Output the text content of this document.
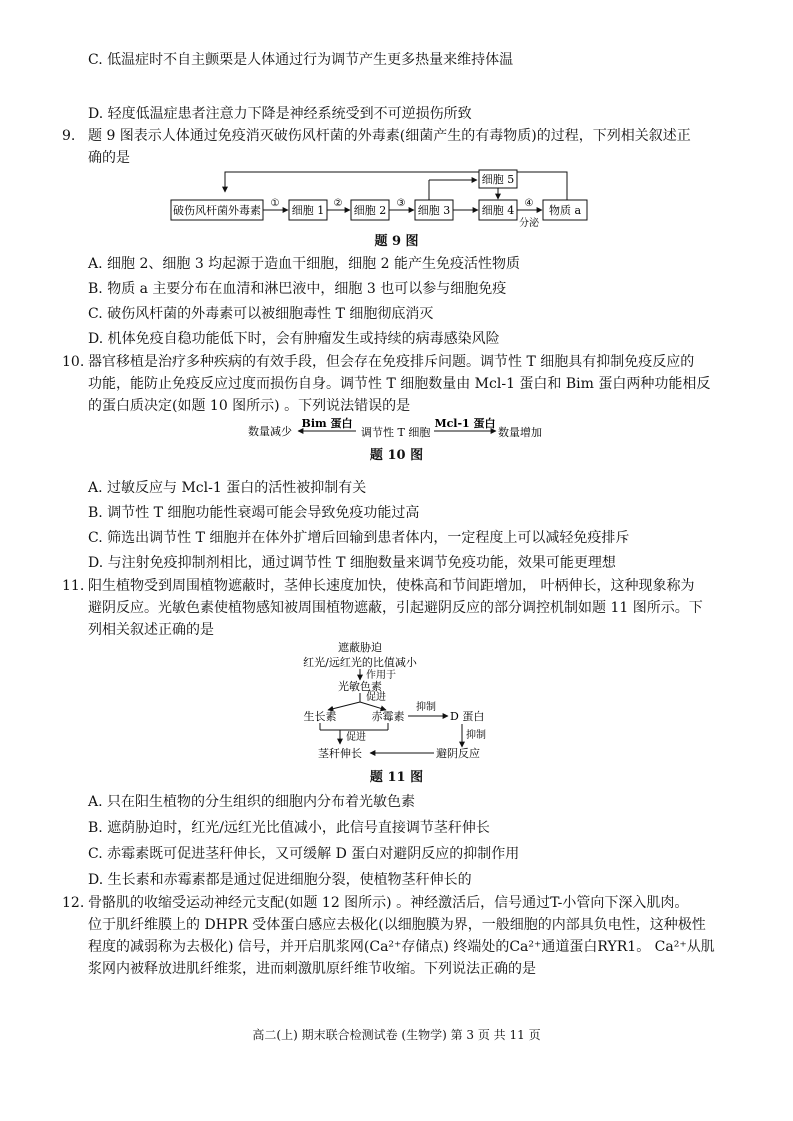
C. 低温症时不自主颤栗是人体通过行为调节产生更多热量来维持体温
D. 轻度低温症患者注意力下降是神经系统受到不可逆损伤所致
9. 题 9 图表示人体通过免疫消灭破伤风杆菌的外毒素(细菌产生的有毒物质)的过程，下列相关叙述正
确的是
破伤风杆菌外毒素	细胞 1	细胞 2	细胞 3
细胞 5
细胞 4	物质 a
①	②	③	④
分泌
题 9 图
A. 细胞 2、细胞 3 均起源于造血干细胞，细胞 2 能产生免疫活性物质
B. 物质 a 主要分布在血清和淋巴液中，细胞 3 也可以参与细胞免疫
C. 破伤风杆菌的外毒素可以被细胞毒性 T 细胞彻底消灭
D. 机体免疫自稳功能低下时，会有肿瘤发生或持续的病毒感染风险
10. 器官移植是治疗多种疾病的有效手段，但会存在免疫排斥问题。调节性 T 细胞具有抑制免疫反应的
功能，能防止免疫反应过度而损伤自身。调节性 T 细胞数量由 Mcl-1 蛋白和 Bim 蛋白两种功能相反
的蛋白质决定(如题 10 图所示) 。下列说法错误的是
数量减少
Bim 蛋白
调节性 T 细胞
Mcl-1 蛋白
数量增加
题 10 图
A. 过敏反应与 Mcl-1 蛋白的活性被抑制有关
B. 调节性 T 细胞功能性衰竭可能会导致免疫功能过高
C. 筛选出调节性 T 细胞并在体外扩增后回输到患者体内，一定程度上可以减轻免疫排斥
D. 与注射免疫抑制剂相比，通过调节性 T 细胞数量来调节免疫功能，效果可能更理想
11. 阳生植物受到周围植物遮蔽时，茎伸长速度加快，使株高和节间距增加， 叶柄伸长，这种现象称为
避阴反应。光敏色素使植物感知被周围植物遮蔽，引起避阴反应的部分调控机制如题 11 图所示。下
列相关叙述正确的是
遮蔽胁迫
红光/远红光的比值减小
作用于
光敏色素
促进
生长素	赤霉素
抑制
D 蛋白
抑制
促进
茎秆伸长	避阴反应
题 11 图
A. 只在阳生植物的分生组织的细胞内分布着光敏色素
B. 遮荫胁迫时，红光/远红光比值减小，此信号直接调节茎秆伸长
C. 赤霉素既可促进茎秆伸长，又可缓解 D 蛋白对避阴反应的抑制作用
D. 生长素和赤霉素都是通过促进细胞分裂，使植物茎秆伸长的
12. 骨骼肌的收缩受运动神经元支配(如题 12 图所示) 。神经激活后，信号通过T-小管向下深入肌肉。
位于肌纤维膜上的 DHPR 受体蛋白感应去极化(以细胞膜为界，一般细胞的内部具负电性，这种极性
程度的减弱称为去极化) 信号，并开启肌浆网(Ca²⁺存储点) 终端处的Ca²⁺通道蛋白RYR1。 Ca²⁺从肌
浆网内被释放进肌纤维浆，进而刺激肌原纤维节收缩。下列说法正确的是
高二(上) 期末联合检测试卷 (生物学) 第 3 页 共 11 页
